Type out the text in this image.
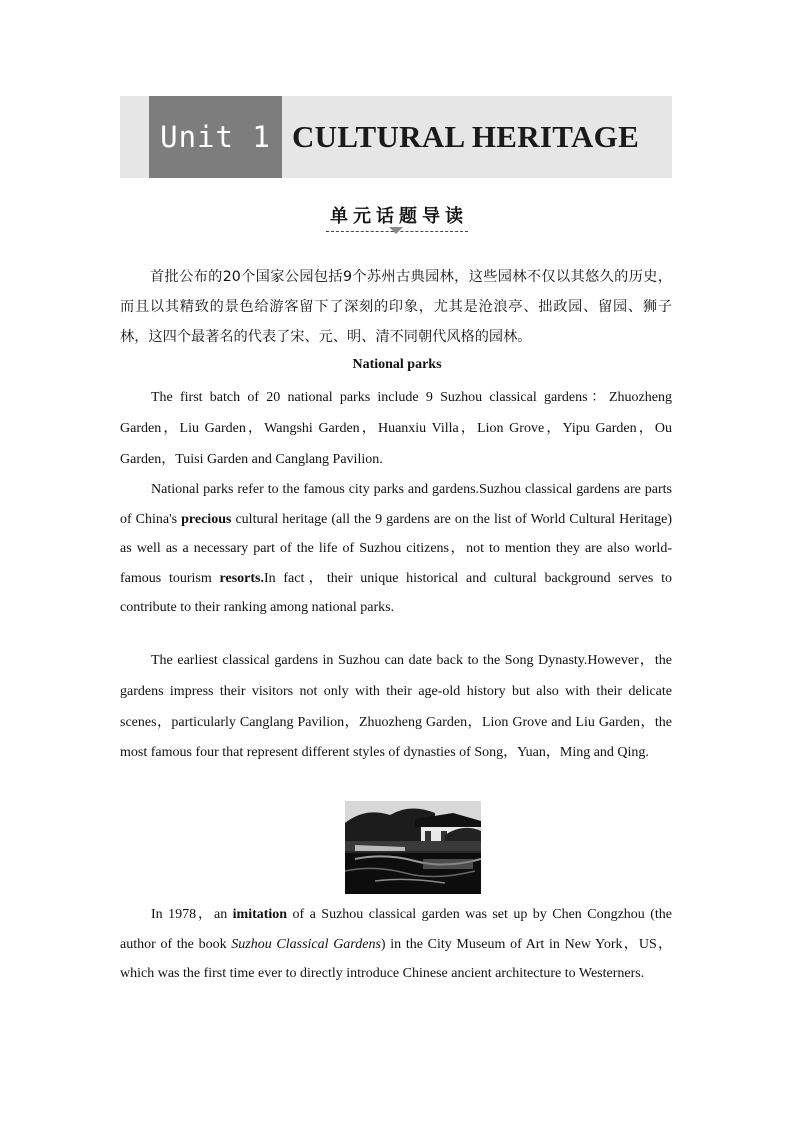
Unit 1 CULTURAL HERITAGE
单元话题导读

首批公布的20个国家公园包括9个苏州古典园林，这些园林不仅以其悠久的历史，而且以其精致的景色给游客留下了深刻的印象，尤其是沧浪亭、拙政园、留园、狮子林，这四个最著名的代表了宋、元、明、清不同朝代风格的园林。

National parks

The first batch of 20 national parks include 9 Suzhou classical gardens：Zhuozheng Garden，Liu Garden，Wangshi Garden，Huanxiu Villa，Lion Grove，Yipu Garden，Ou Garden，Tuisi Garden and Canglang Pavilion.

National parks refer to the famous city parks and gardens.Suzhou classical gardens are parts of China's precious cultural heritage (all the 9 gardens are on the list of World Cultural Heritage) as well as a necessary part of the life of Suzhou citizens，not to mention they are also world-famous tourism resorts.In fact，their unique historical and cultural background serves to contribute to their ranking among national parks.

The earliest classical gardens in Suzhou can date back to the Song Dynasty.However，the gardens impress their visitors not only with their age-old history but also with their delicate scenes，particularly Canglang Pavilion，Zhuozheng Garden，Lion Grove and Liu Garden，the most famous four that represent different styles of dynasties of Song，Yuan，Ming and Qing.

In 1978，an imitation of a Suzhou classical garden was set up by Chen Congzhou (the author of the book Suzhou Classical Gardens) in the City Museum of Art in New York，US，which was the first time ever to directly introduce Chinese ancient architecture to Westerners.
